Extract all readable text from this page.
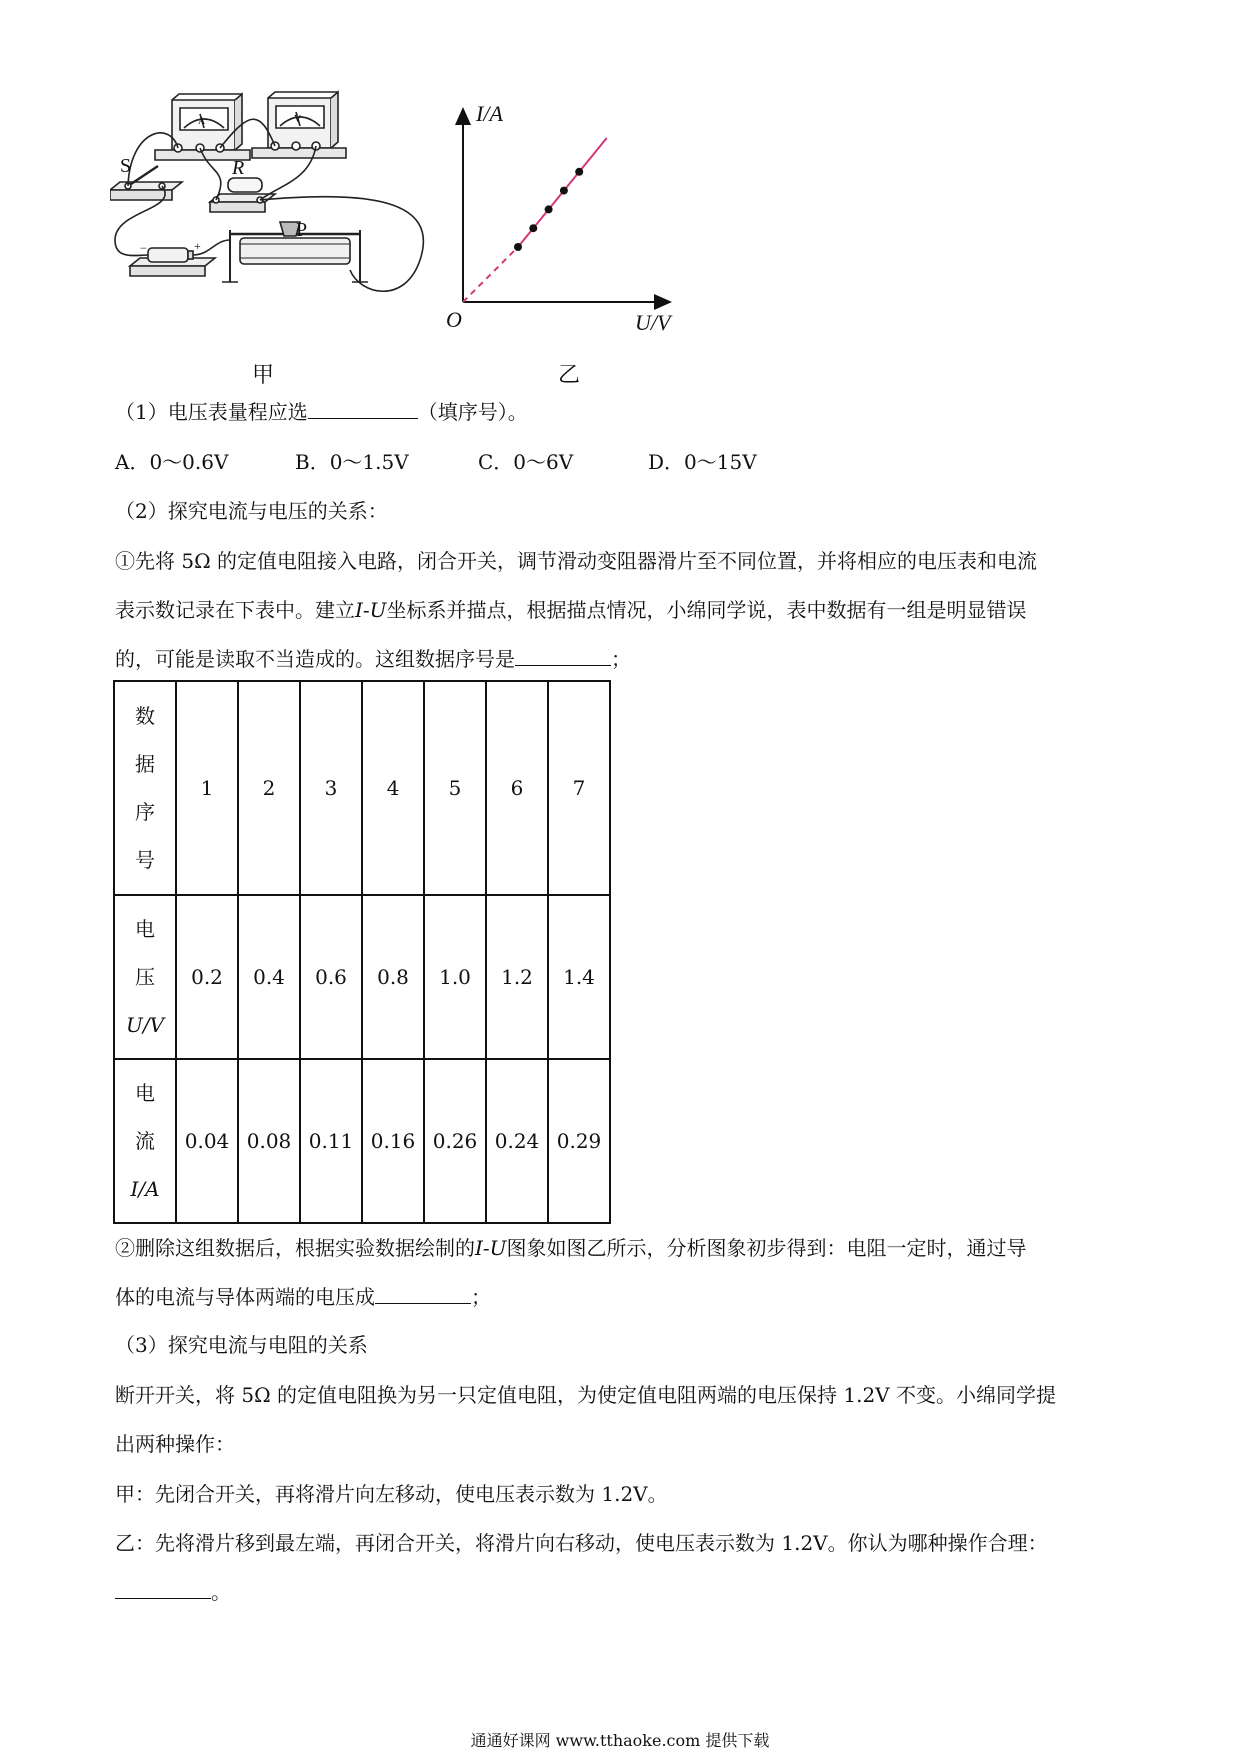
S	R
P
A	V
−	+
甲
I/A
U/V
O
乙
（1）电压表量程应选	（填序号）。
A．0～0.6V	B．0～1.5V	C．0～6V	D．0～15V
（2）探究电流与电压的关系：
①先将 5Ω 的定值电阻接入电路，闭合开关，调节滑动变阻器滑片至不同位置，并将相应的电压表和电流
表示数记录在下表中。建立I-U坐标系并描点，根据描点情况，小绵同学说，表中数据有一组是明显错误
的，可能是读取不当造成的。这组数据序号是	；
数
据
序
号	1	2	3	4	5	6	7

电
压
U/V	0.2	0.4	0.6	0.8	1.0	1.2	1.4

电
流
I/A	0.04	0.08	0.11	0.16	0.26	0.24	0.29
②删除这组数据后，根据实验数据绘制的I-U图象如图乙所示，分析图象初步得到：电阻一定时，通过导
体的电流与导体两端的电压成	；
（3）探究电流与电阻的关系
断开开关，将 5Ω 的定值电阻换为另一只定值电阻，为使定值电阻两端的电压保持 1.2V 不变。小绵同学提
出两种操作：
甲：先闭合开关，再将滑片向左移动，使电压表示数为 1.2V。
乙：先将滑片移到最左端，再闭合开关，将滑片向右移动，使电压表示数为 1.2V。你认为哪种操作合理：
。
通通好课网 www.tthaoke.com 提供下载
